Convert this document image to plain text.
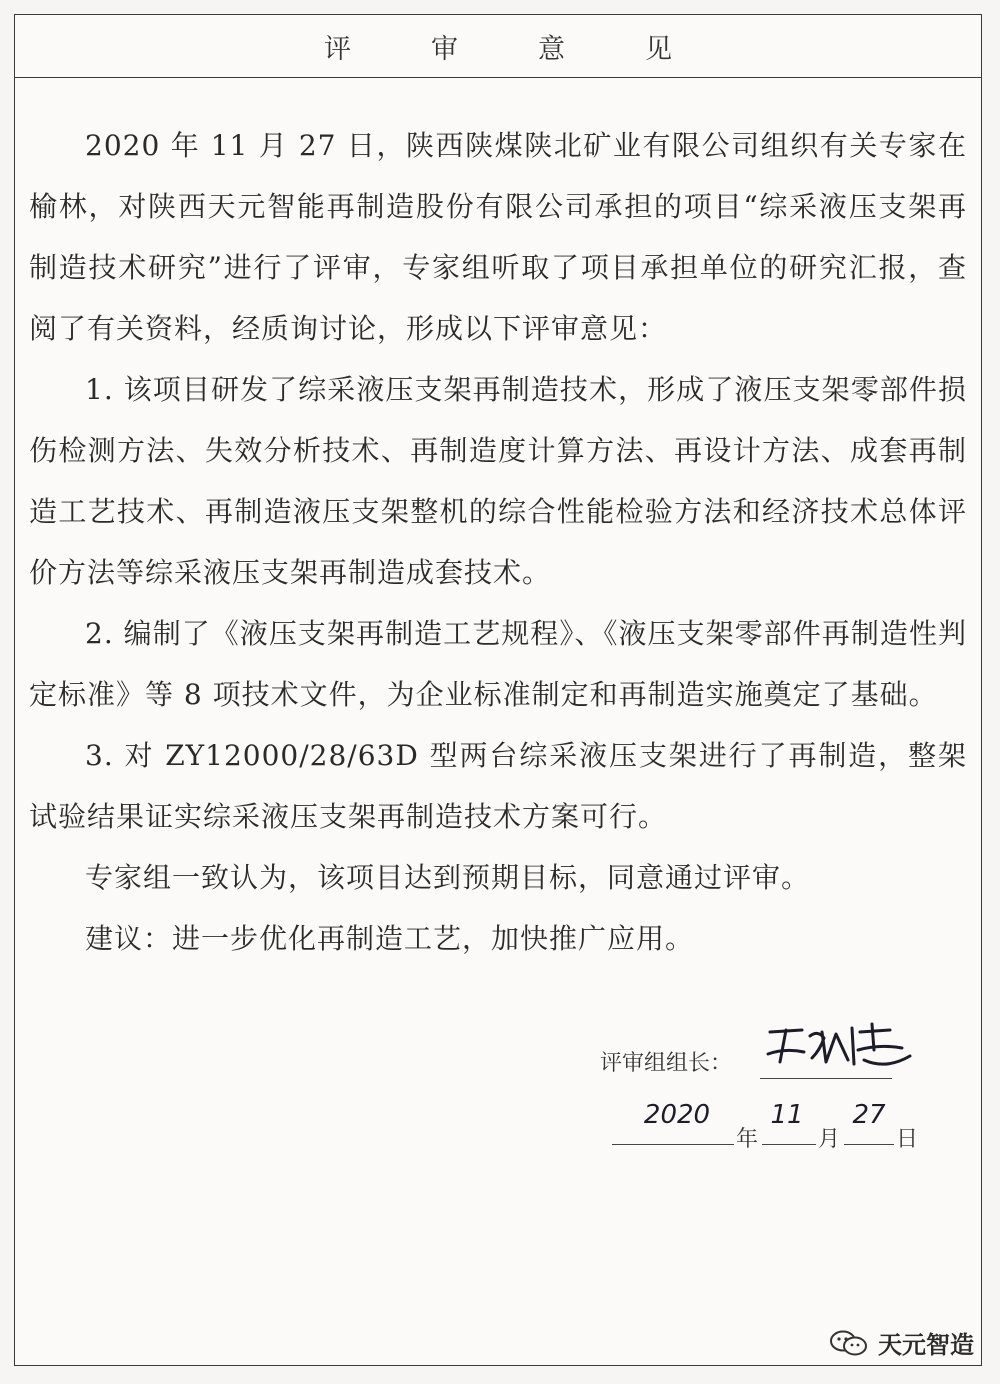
评审意见

2020 年 11 月 27 日，陕西陕煤陕北矿业有限公司组织有关专家在榆林，对陕西天元智能再制造股份有限公司承担的项目“综采液压支架再制造技术研究”进行了评审，专家组听取了项目承担单位的研究汇报，查阅了有关资料，经质询讨论，形成以下评审意见：

1. 该项目研发了综采液压支架再制造技术，形成了液压支架零部件损伤检测方法、失效分析技术、再制造度计算方法、再设计方法、成套再制造工艺技术、再制造液压支架整机的综合性能检验方法和经济技术总体评价方法等综采液压支架再制造成套技术。

2. 编制了《液压支架再制造工艺规程》、《液压支架零部件再制造性判定标准》等 8 项技术文件，为企业标准制定和再制造实施奠定了基础。

3. 对 ZY12000/28/63D 型两台综采液压支架进行了再制造，整架试验结果证实综采液压支架再制造技术方案可行。

专家组一致认为，该项目达到预期目标，同意通过评审。

建议：进一步优化再制造工艺，加快推广应用。

评审组组长：
2020
年
11
月
27
日
天元智造
